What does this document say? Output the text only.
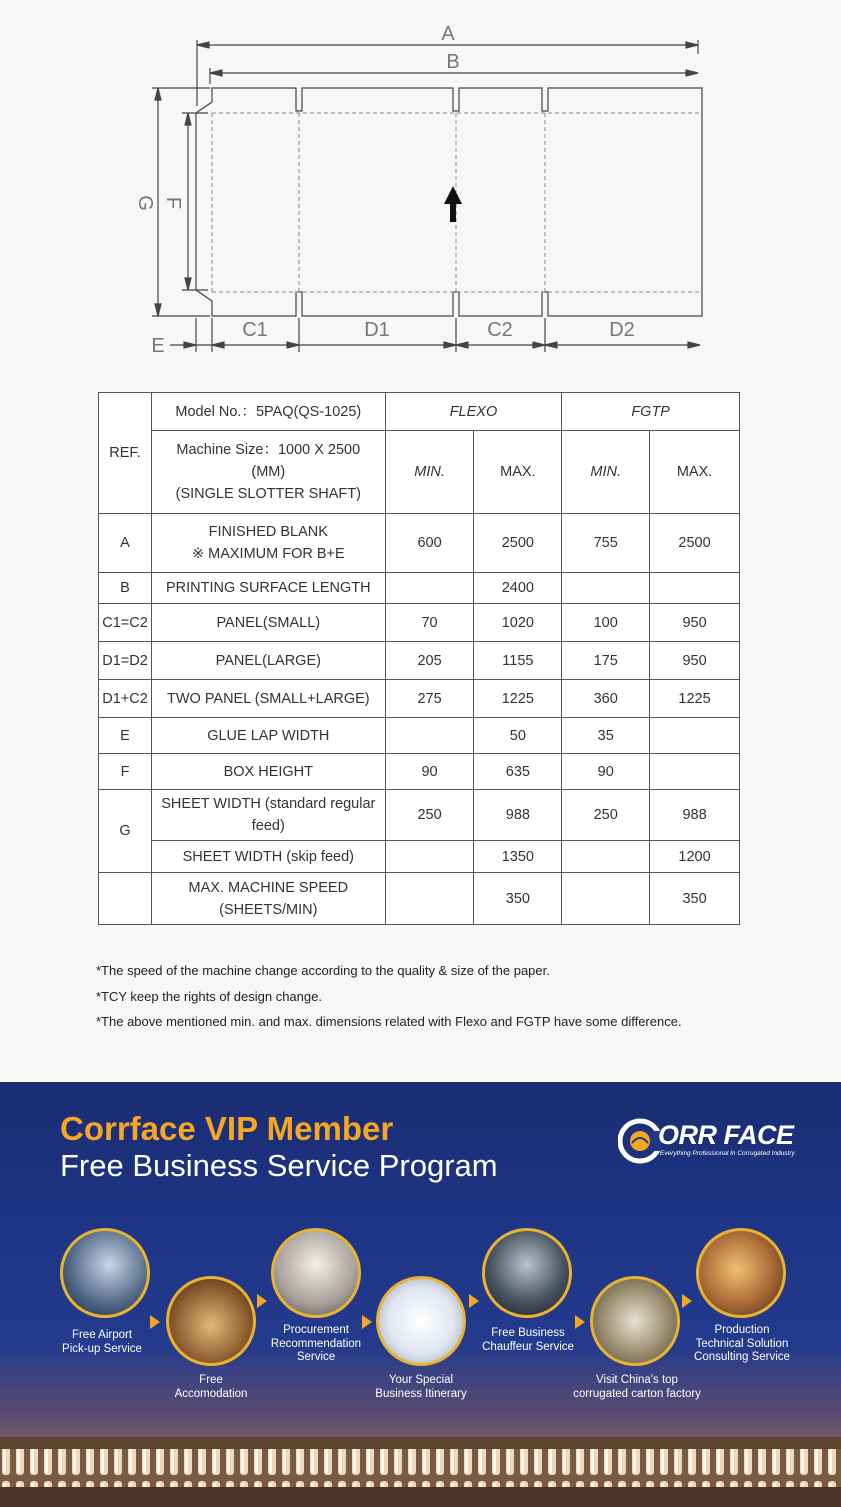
A
B
G F
E
C1	D1	C2	D2
REF.	Model No.：5PAQ(QS-1025)	FLEXO		FGTP	

	Machine Size：1000 X 2500
(MM)
(SINGLE SLOTTER SHAFT)	MIN.	MAX.	MIN.	MAX.
A	FINISHED BLANK
※ MAXIMUM FOR B+E	600	2500	755	2500
B	PRINTING SURFACE LENGTH		2400		
C1=C2	PANEL(SMALL)	70	1020	100	950
D1=D2	PANEL(LARGE)	205	1155	175	950
D1+C2	TWO PANEL (SMALL+LARGE)	275	1225	360	1225
E	GLUE LAP WIDTH		50	35	
F	BOX HEIGHT	90	635	90	
G	SHEET WIDTH (standard regular
feed)	250	988	250	988
	SHEET WIDTH (skip feed)		1350		1200

	MAX. MACHINE SPEED
(SHEETS/MIN)		350		350

*The speed of the machine change according to the quality & size of the paper.

*TCY keep the rights of design change.

*The above mentioned min. and max. dimensions related with Flexo and FGTP have some difference.

Corrface VIP Member
Free Business Service Program
ORR FACE
Everything Professional In Corrugated Industry
Free Airport
Pick-up Service
Free
Accomodation
Procurement
Recommendation
Service
Your Special
Business Itinerary
Free Business
Chauffeur Service
Visit China's top
corrugated carton factory
Production
Technical Solution
Consulting Service
